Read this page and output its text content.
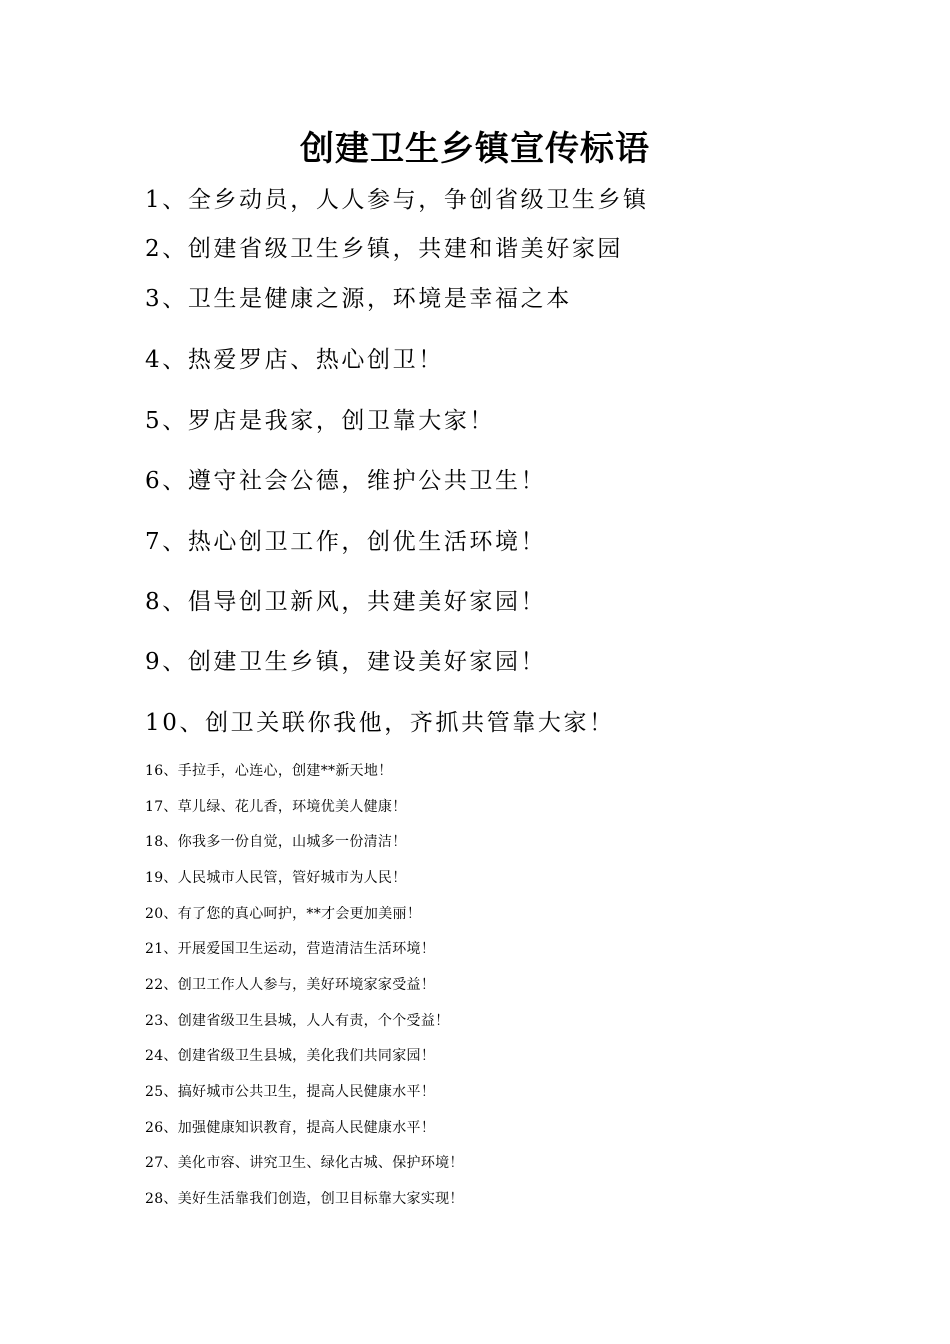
创建卫生乡镇宣传标语
1、全乡动员，人人参与，争创省级卫生乡镇
2、创建省级卫生乡镇，共建和谐美好家园
3、卫生是健康之源，环境是幸福之本
4、热爱罗店、热心创卫！
5、罗店是我家，创卫靠大家！
6、遵守社会公德，维护公共卫生！
7、热心创卫工作，创优生活环境！
8、倡导创卫新风，共建美好家园！
9、创建卫生乡镇，建设美好家园！
10、创卫关联你我他，齐抓共管靠大家！
16、手拉手，心连心，创建**新天地！
17、草儿绿、花儿香，环境优美人健康！
18、你我多一份自觉，山城多一份清洁！
19、人民城市人民管，管好城市为人民！
20、有了您的真心呵护，**才会更加美丽！
21、开展爱国卫生运动，营造清洁生活环境！
22、创卫工作人人参与，美好环境家家受益！
23、创建省级卫生县城，人人有责，个个受益！
24、创建省级卫生县城，美化我们共同家园！
25、搞好城市公共卫生，提高人民健康水平！
26、加强健康知识教育，提高人民健康水平！
27、美化市容、讲究卫生、绿化古城、保护环境！
28、美好生活靠我们创造，创卫目标靠大家实现！
